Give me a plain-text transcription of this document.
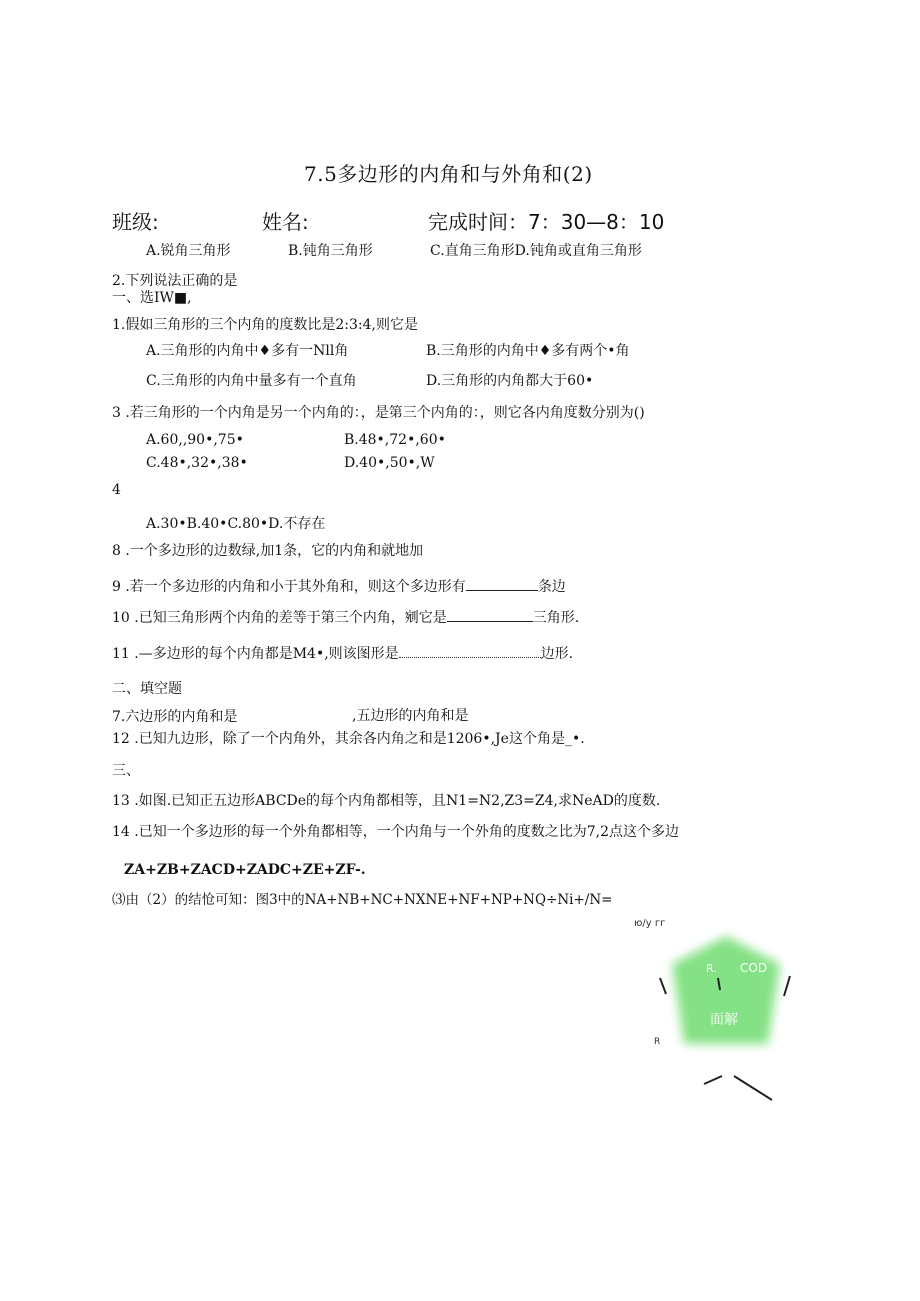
7.5多边形的内角和与外角和(2)
班级:	姓名:	完成时间：7：30—8：10
A.锐角三角形	B.钝角三角形	C.直角三角形D.钝角或直角三角形
2.下列说法正确的是
一、选IW■,
1.假如三角形的三个内角的度数比是2:3:4,则它是
A.三角形的内角中♦多有一Nll角	B.三角形的内角中♦多有两个•角
C.三角形的内角中量多有一个直角	D.三角形的内角都大于60•
3 .若三角形的一个内角是另一个内角的：，是第三个内角的：，则它各内角度数分别为()
A.60,,90•,75•	B.48•,72•,60•
C.48•,32•,38•	D.40•,50•,W
4
A.30•B.40•C.80•D.不存在
8 .一个多边形的边数绿,加1条，它的内角和就地加
9 .若一个多边形的内角和小于其外角和，则这个多边形有	条边
10 .已知三角形两个内角的差等于第三个内角，剜它是	三角形.
11 .—多边形的每个内角都是M4•,则该图形是	边形.
二、填空题
7.六边形的内角和是	,五边形的内角和是
12 .已知九边形，除了一个内角外，其余各内角之和是1206•,Je这个角是_•.
三、
13 .如图.已知正五边形ABCDe的每个内角都相等，且N1=N2,Z3=Z4,求NeAD的度数.
14 .已知一个多边形的每一个外角都相等，一个内角与一个外角的度数之比为7,2点这个多边
ZA+ZB+ZACD+ZADC+ZE+ZF-.
⑶由（2）的结怆可知：图3中的NA+NB+NC+NXNE+NF+NP+NQ÷Ni+/N=
ю/у гг
R. COD
面解
R
